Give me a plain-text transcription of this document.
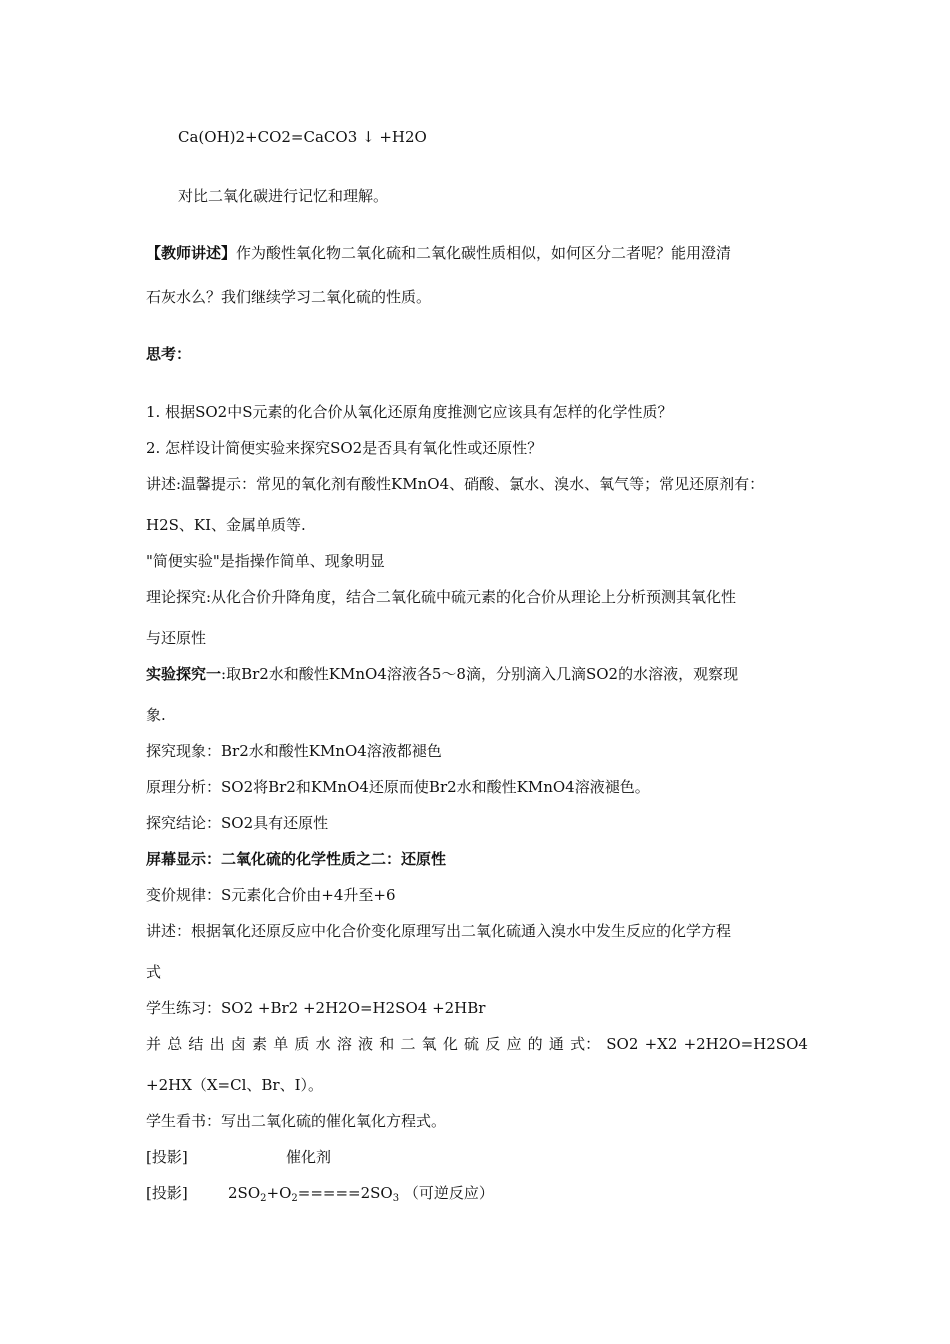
Ca(OH)2+CO2=CaCO3 ↓ +H2O
对比二氧化碳进行记忆和理解。
【教师讲述】作为酸性氧化物二氧化硫和二氧化碳性质相似，如何区分二者呢？能用澄清
石灰水么？我们继续学习二氧化硫的性质。
思考：
1. 根据SO2中S元素的化合价从氧化还原角度推测它应该具有怎样的化学性质？
2. 怎样设计简便实验来探究SO2是否具有氧化性或还原性？
讲述:温馨提示：常见的氧化剂有酸性KMnO4、硝酸、氯水、溴水、氧气等；常见还原剂有：
H2S、KI、金属单质等.
"简便实验"是指操作简单、现象明显
理论探究:从化合价升降角度，结合二氧化硫中硫元素的化合价从理论上分析预测其氧化性
与还原性
实验探究一:取Br2水和酸性KMnO4溶液各5～8滴，分别滴入几滴SO2的水溶液，观察现
象.
探究现象：Br2水和酸性KMnO4溶液都褪色
原理分析：SO2将Br2和KMnO4还原而使Br2水和酸性KMnO4溶液褪色。
探究结论：SO2具有还原性
屏幕显示：二氧化硫的化学性质之二：还原性
变价规律：S元素化合价由+4升至+6
讲述：根据氧化还原反应中化合价变化原理写出二氧化硫通入溴水中发生反应的化学方程
式
学生练习：SO2 +Br2 +2H2O=H2SO4 +2HBr
并 总 结 出 卤 素 单 质 水 溶 液 和 二 氧 化 硫 反 应 的 通 式： SO2 +X2 +2H2O=H2SO4
+2HX（X=Cl、Br、I）。
学生看书：写出二氧化硫的催化氧化方程式。
[投影]	催化剂
[投影]	$2SO_2+O_2=====2SO_3$ （可逆反应）
